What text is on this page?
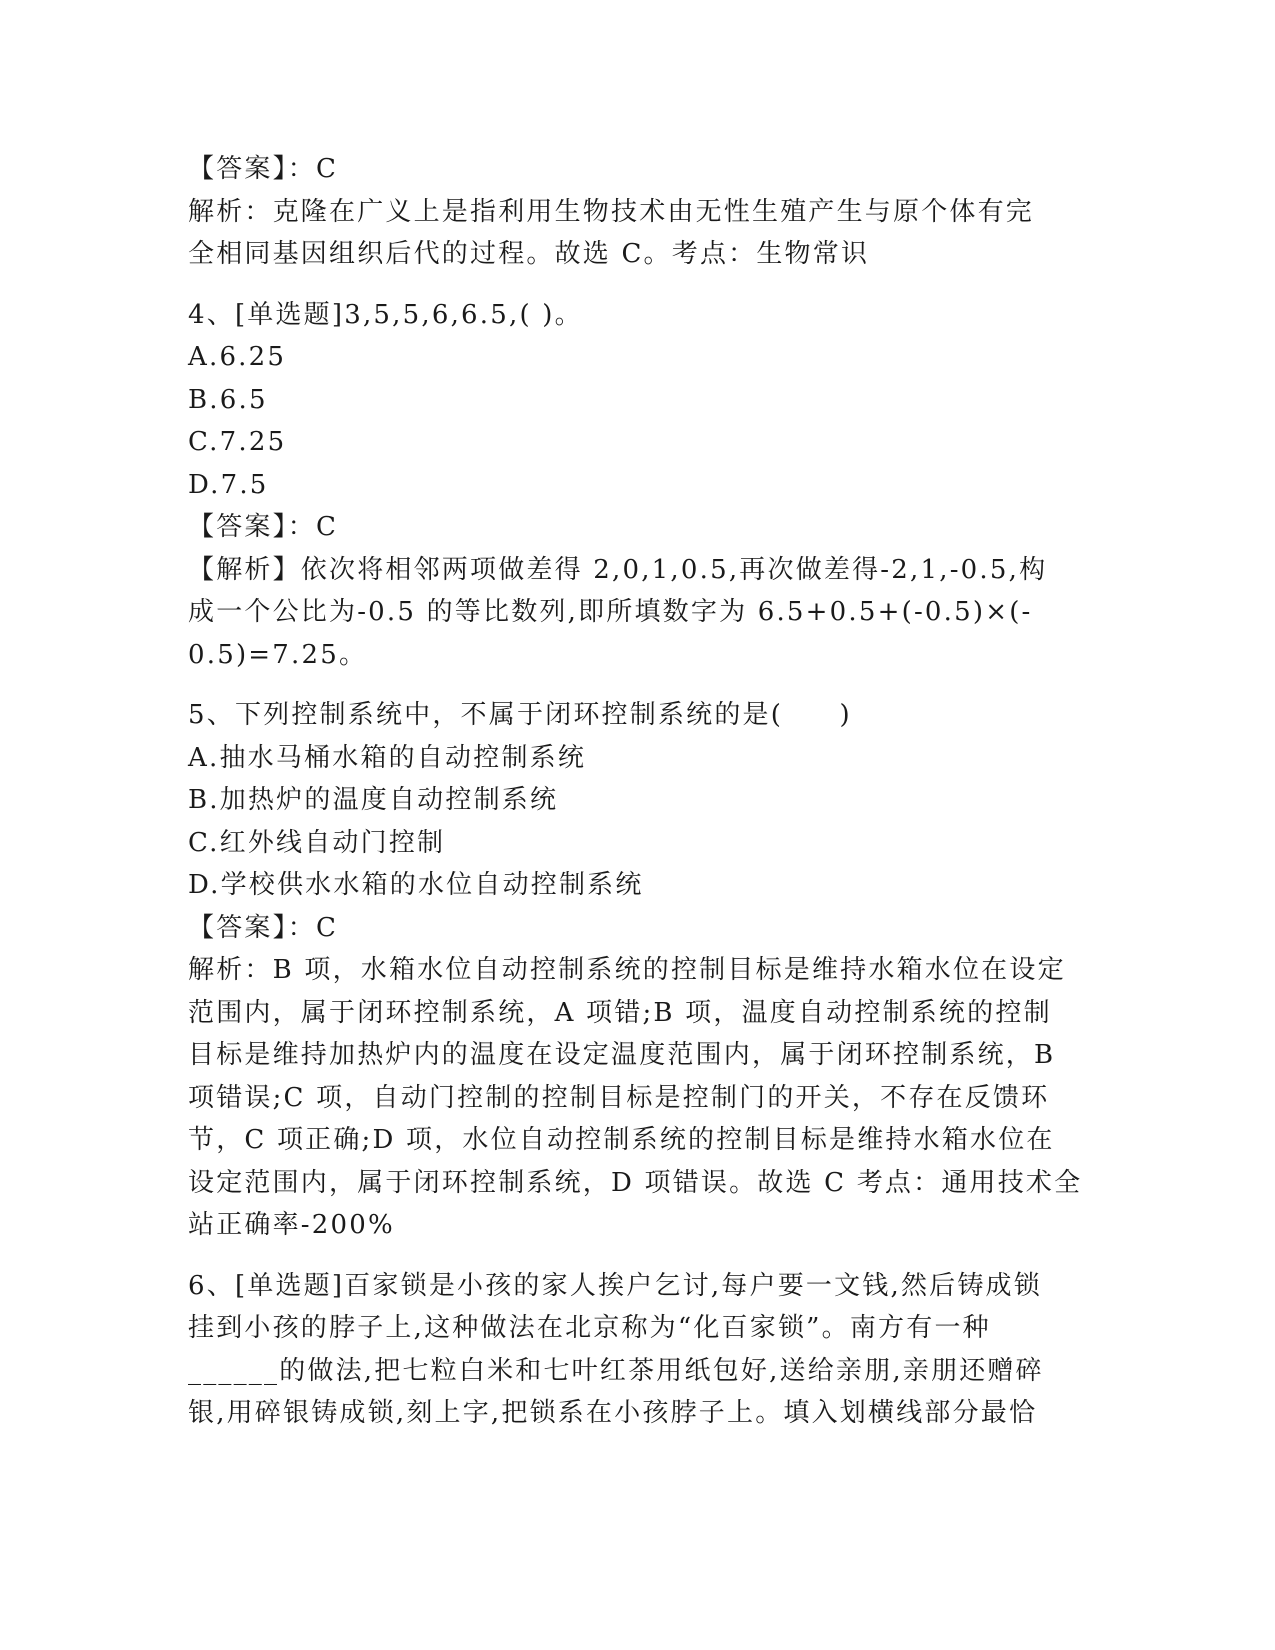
【答案】：C
解析：克隆在广义上是指利用生物技术由无性生殖产生与原个体有完
全相同基因组织后代的过程。故选 C。考点：生物常识
4、[单选题]3,5,5,6,6.5,( )。
A.6.25
B.6.5
C.7.25
D.7.5
【答案】：C
【解析】依次将相邻两项做差得 2,0,1,0.5,再次做差得-2,1,-0.5,构
成一个公比为-0.5 的等比数列,即所填数字为 6.5+0.5+(-0.5)×(-
0.5)=7.25。
5、下列控制系统中，不属于闭环控制系统的是(　　)
A.抽水马桶水箱的自动控制系统
B.加热炉的温度自动控制系统
C.红外线自动门控制
D.学校供水水箱的水位自动控制系统
【答案】：C
解析：B 项，水箱水位自动控制系统的控制目标是维持水箱水位在设定
范围内，属于闭环控制系统，A 项错;B 项，温度自动控制系统的控制
目标是维持加热炉内的温度在设定温度范围内，属于闭环控制系统，B
项错误;C 项，自动门控制的控制目标是控制门的开关，不存在反馈环
节，C 项正确;D 项，水位自动控制系统的控制目标是维持水箱水位在
设定范围内，属于闭环控制系统，D 项错误。故选 C 考点：通用技术全
站正确率-200%
6、[单选题]百家锁是小孩的家人挨户乞讨,每户要一文钱,然后铸成锁
挂到小孩的脖子上,这种做法在北京称为“化百家锁”。南方有一种
______的做法,把七粒白米和七叶红茶用纸包好,送给亲朋,亲朋还赠碎
银,用碎银铸成锁,刻上字,把锁系在小孩脖子上。填入划横线部分最恰
